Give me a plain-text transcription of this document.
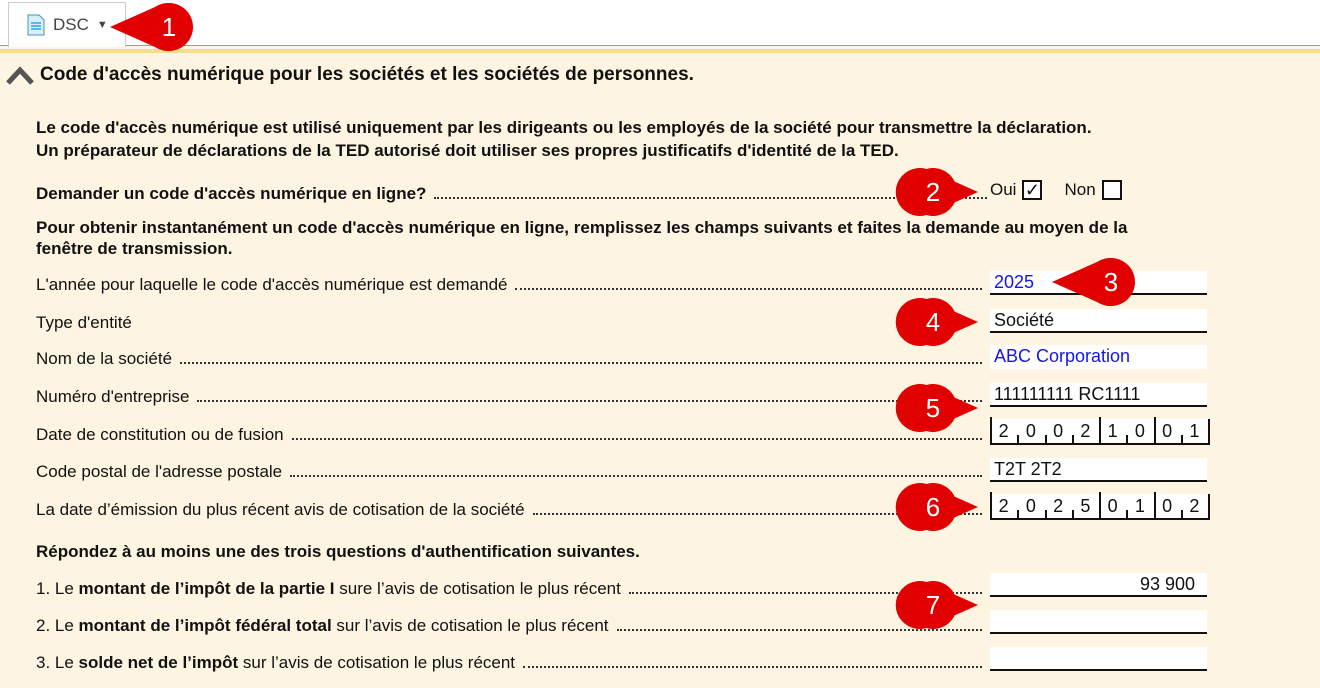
DSC ▼
Code d'accès numérique pour les sociétés et les sociétés de personnes.
Le code d'accès numérique est utilisé uniquement par les dirigeants ou les employés de la société pour transmettre la déclaration.
Un préparateur de déclarations de la TED autorisé doit utiliser ses propres justificatifs d'identité de la TED.
Demander un code d'accès numérique en ligne?	Oui ✓ Non
Pour obtenir instantanément un code d'accès numérique en ligne, remplissez les champs suivants et faites la demande au moyen de la
fenêtre de transmission.
L'année pour laquelle le code d'accès numérique est demandé	2025
Type d'entité	Société
Nom de la société	ABC Corporation
Numéro d'entreprise	111111111 RC1111
Date de constitution ou de fusion	2 0 0 2 1 0 0 1
Code postal de l'adresse postale	T2T 2T2
La date d’émission du plus récent avis de cotisation de la société	2 0 2 5 0 1 0 2
Répondez à au moins une des trois questions d'authentification suivantes.
1. Le montant de l’impôt de la partie I sure l’avis de cotisation le plus récent	93 900
2. Le montant de l’impôt fédéral total sur l’avis de cotisation le plus récent
3. Le solde net de l’impôt sur l’avis de cotisation le plus récent
1
2
3
4
5
6
7
